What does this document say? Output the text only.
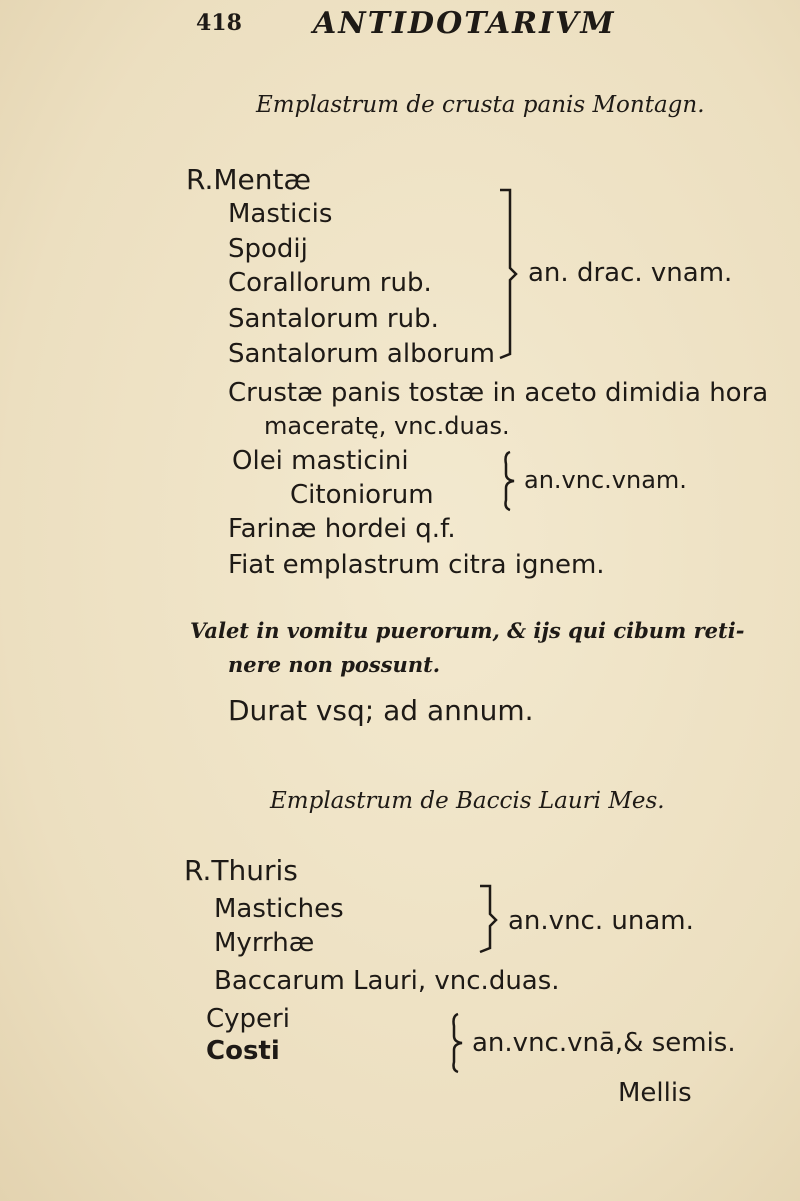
418 ANTIDOTARIVM
Emplastrum de crusta panis Montagn.
R.Mentæ
Masticis
Spodij
Corallorum rub.
Santalorum rub.
Santalorum alborum
an. drac. vnam.
Crustæ panis tostæ in aceto dimidia hora
maceratę, vnc.duas.
Olei masticini
Citoniorum	an.vnc.vnam.
Farinæ hordei q.f.
Fiat emplastrum citra ignem.
Valet in vomitu puerorum, & ijs qui cibum reti-
nere non possunt.
Durat vsq; ad annum.
Emplastrum de Baccis Lauri Mes.
R.Thuris
Mastiches
Myrrhæ
an.vnc. unam.
Baccarum Lauri, vnc.duas.
Cyperi
Costi	an.vnc.vnā,& semis.
Mellis
